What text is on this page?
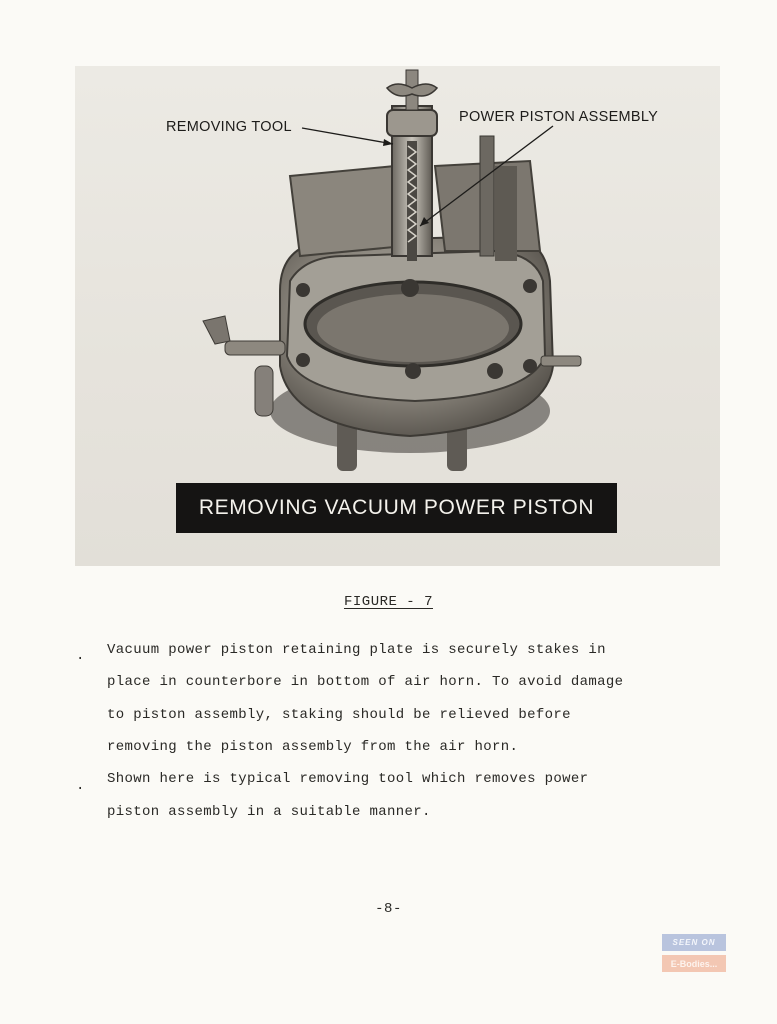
REMOVING TOOL
POWER PISTON ASSEMBLY
REMOVING VACUUM POWER PISTON
FIGURE - 7
. Vacuum power piston retaining plate is securely stakes in
place in counterbore in bottom of air horn. To avoid damage
to piston assembly, staking should be relieved before
removing the piston assembly from the air horn.
. Shown here is typical removing tool which removes power
piston assembly in a suitable manner.
-8-
SEEN ON
E-Bodies...
